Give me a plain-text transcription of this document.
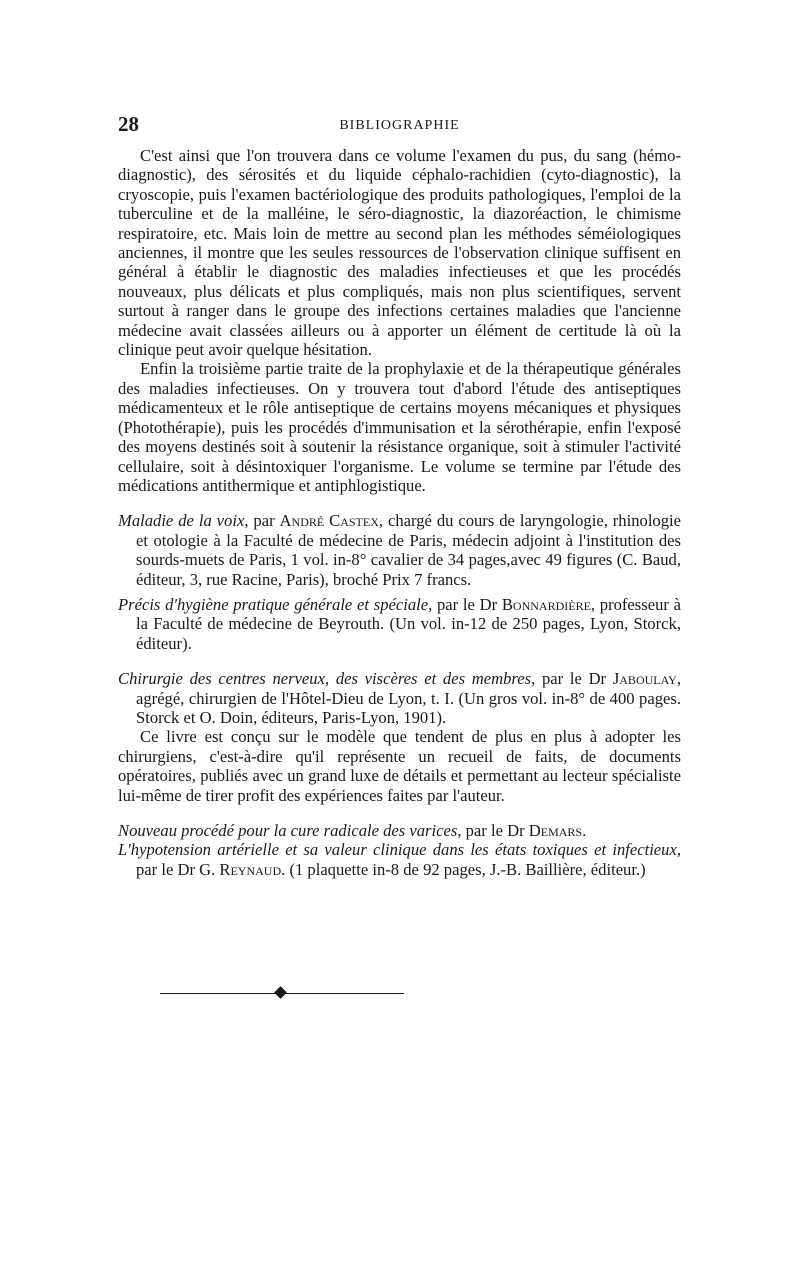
28	BIBLIOGRAPHIE

C'est ainsi que l'on trouvera dans ce volume l'examen du pus, du sang (hémo-diagnostic), des sérosités et du liquide céphalo-rachidien (cyto-diagnostic), la cryoscopie, puis l'examen bactériologique des produits pathologiques, l'emploi de la tuberculine et de la malléine, le séro-diagnostic, la diazoréaction, le chimisme respiratoire, etc. Mais loin de mettre au second plan les méthodes séméiologiques anciennes, il montre que les seules ressources de l'observation clinique suffisent en général à établir le diagnostic des maladies infectieuses et que les procédés nouveaux, plus délicats et plus compliqués, mais non plus scientifiques, servent surtout à ranger dans le groupe des infections certaines maladies que l'ancienne médecine avait classées ailleurs ou à apporter un élément de certitude là où la clinique peut avoir quelque hésitation.

Enfin la troisième partie traite de la prophylaxie et de la thérapeutique générales des maladies infectieuses. On y trouvera tout d'abord l'étude des antiseptiques médicamenteux et le rôle antiseptique de certains moyens mécaniques et physiques (Photothérapie), puis les procédés d'immunisation et la sérothérapie, enfin l'exposé des moyens destinés soit à soutenir la résistance organique, soit à stimuler l'activité cellulaire, soit à désintoxiquer l'organisme. Le volume se termine par l'étude des médications antithermique et antiphlogistique.

Maladie de la voix, par André Castex, chargé du cours de laryngologie, rhinologie et otologie à la Faculté de médecine de Paris, médecin adjoint à l'institution des sourds-muets de Paris, 1 vol. in-8° cavalier de 34 pages,avec 49 figures (C. Baud, éditeur, 3, rue Racine, Paris), broché Prix 7 francs.

Précis d'hygiène pratique générale et spéciale, par le Dr Bonnardière, professeur à la Faculté de médecine de Beyrouth. (Un vol. in-12 de 250 pages, Lyon, Storck, éditeur).

Chirurgie des centres nerveux, des viscères et des membres, par le Dr Jaboulay, agrégé, chirurgien de l'Hôtel-Dieu de Lyon, t. I. (Un gros vol. in-8° de 400 pages. Storck et O. Doin, éditeurs, Paris-Lyon, 1901).

Ce livre est conçu sur le modèle que tendent de plus en plus à adopter les chirurgiens, c'est-à-dire qu'il représente un recueil de faits, de documents opératoires, publiés avec un grand luxe de détails et permettant au lecteur spécialiste lui-même de tirer profit des expériences faites par l'auteur.

Nouveau procédé pour la cure radicale des varices, par le Dr Demars.

L'hypotension artérielle et sa valeur clinique dans les états toxiques et infectieux, par le Dr G. Reynaud. (1 plaquette in-8 de 92 pages, J.-B. Baillière, éditeur.)
